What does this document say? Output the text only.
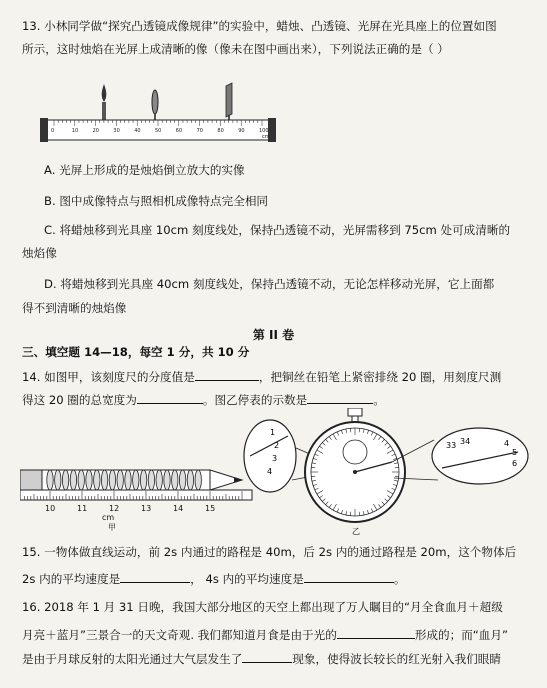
13. 小林同学做“探究凸透镜成像规律”的实验中，蜡烛、凸透镜、光屏在光具座上的位置如图
所示，这时烛焰在光屏上成清晰的像（像未在图中画出来），下列说法正确的是（ ）
0	10	20	30	40	50	60	70	80	90	100
cm
A. 光屏上形成的是烛焰倒立放大的实像
B. 图中成像特点与照相机成像特点完全相同
C. 将蜡烛移到光具座 10cm 刻度线处，保持凸透镜不动，光屏需移到 75cm 处可成清晰的
烛焰像
D. 将蜡烛移到光具座 40cm 刻度线处，保持凸透镜不动，无论怎样移动光屏，它上面都
得不到清晰的烛焰像
第 II 卷
三、填空题 14—18，每空 1 分，共 10 分
14. 如图甲，该刻度尺的分度值是	，把铜丝在铅笔上紧密排绕 20 圈，用刻度尺测
得这 20 圈的总宽度为	。图乙停表的示数是	。
10	11	12	13	14	15
cm
甲
1
2
3
4
乙
33 34	4
5
6
15. 一物体做直线运动，前 2s 内通过的路程是 40m，后 2s 内的通过路程是 20m，这个物体后
2s 内的平均速度是	， 4s 内的平均速度是	。
16. 2018 年 1 月 31 日晚，我国大部分地区的天空上都出现了万人瞩目的“月全食血月＋超级
月亮＋蓝月”三景合一的天文奇观. 我们都知道月食是由于光的	形成的；而“血月”
是由于月球反射的太阳光通过大气层发生了	现象，使得波长较长的红光射入我们眼睛
